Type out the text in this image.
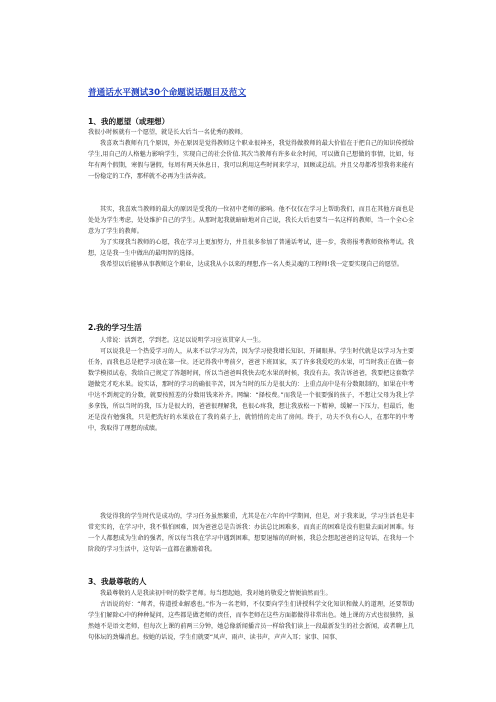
普通话水平测试30个命题说话题目及范文
1、我的愿望（或理想）

我很小时候就有一个愿望，就是长大后当一名优秀的教师。

我喜欢当教师有几个原因，外在原因是觉得教师这个职业很神圣，我觉得做教师的最大价值在于把自己的知识传授给学生,用自己的人格魅力影响学生，实现自己的社会价值.其次当教师有许多业余时间，可以做自己想做的事情，比如，每年有两个假期，寒假与暑假，每周有两天休息日，我可以利用这些时间来学习，回顾或总结。并且父母都希望我将来能有一份稳定的工作，那样就不必再为生活奔波。

其实，我喜欢当教师的最大的原因是受我的一位初中老师的影响。他不仅仅在学习上帮助我们，而且在其他方面也是处处为学生考虑，处处维护自己的学生。从那时起我就暗暗地对自己说，我长大后也要当一名这样的教师，当一个全心全意为了学生的教师。

为了实现我当教师的心愿，我在学习上更加努力，并且很多参加了普通话考试，进一步，我将报考教师资格考试。我想，这是我一生中做出的最明智的选择。

我希望以后能够从事教师这个职业，达成我从小以来的理想,作一名人类灵魂的工程师!我一定要实现自己的愿望。

2.我的学习生活

人常说：活到老，学到老。这足以说明学习应该贯穿人一生。

可以说我是一个热爱学习的人，从来不以学习为苦，因为学习使我增长知识、开阔眼界。学生时代就是以学习为主要任务，而我也总是把学习放在第一位。还记得我中考前夕，爸爸下班回家，买了许多我爱吃的水果，可当时我正在做一套数学模拟试卷，我给自己规定了答题时间，所以当爸爸叫我快去吃水果的时候，我没有去。我告诉爸爸，我要把这套数学题做完才吃水果。说实话，那时的学习的确很辛苦，因为当时的压力是很大的：上重点高中是有分数限制的，如果在中考中达不到规定的分数，就要按照差的分数用钱来补齐。网编：“择校费。”而我是一个很要强的孩子，不想让父母为我上学多拿钱，所以当时的我，压力是很大的，爸爸很理解我，也很心疼我，想让我放松一下精神，缓解一下压力，但最后，他还是没有勉强我，只是把洗好的水果放在了我的桌子上，就悄悄的走出了房间。终于，功夫不负有心人，在那年的中考中，我取得了理想的成绩。

我觉得我的学生时代是成功的，学习任务虽然繁重，尤其是在六年的中学期间，但是，对于我来说，学习生活也是非常充实的，在学习中，我不惧怕困难，因为爸爸总是告诉我：办法总比困难多，而真正的困难是没有胆量去面对困难。每一个人都想成为生命的强者，所以每当我在学习中遇到困难，想要退缩的的时候，我总会想起爸爸的这句话，在我每一个阶段的学习生活中，这句话一直都在激励着我。

3、我最尊敬的人

我最尊敬的人是我读初中时的数学老师。每当想起她，我对她的敬爱之情便油然而生。

古语说的好：“师者，传道授业解惑也。”作为一名老师，不仅要向学生们讲授科学文化知识和做人的道理，还要帮助学生们解除心中的种种疑问，这些都是做老师的责任，而李老师在这些方面都做得非常出色。她上课的方式也很独特，虽然她不是语文老师，但每次上课的前两三分钟，她总像新闻播音员一样给我们读上一段最新发生的社会新闻，或者聊上几句体坛的劲爆消息。按她的话说，学生们就要“风声、雨声、读书声，声声入耳；家事、国事、
